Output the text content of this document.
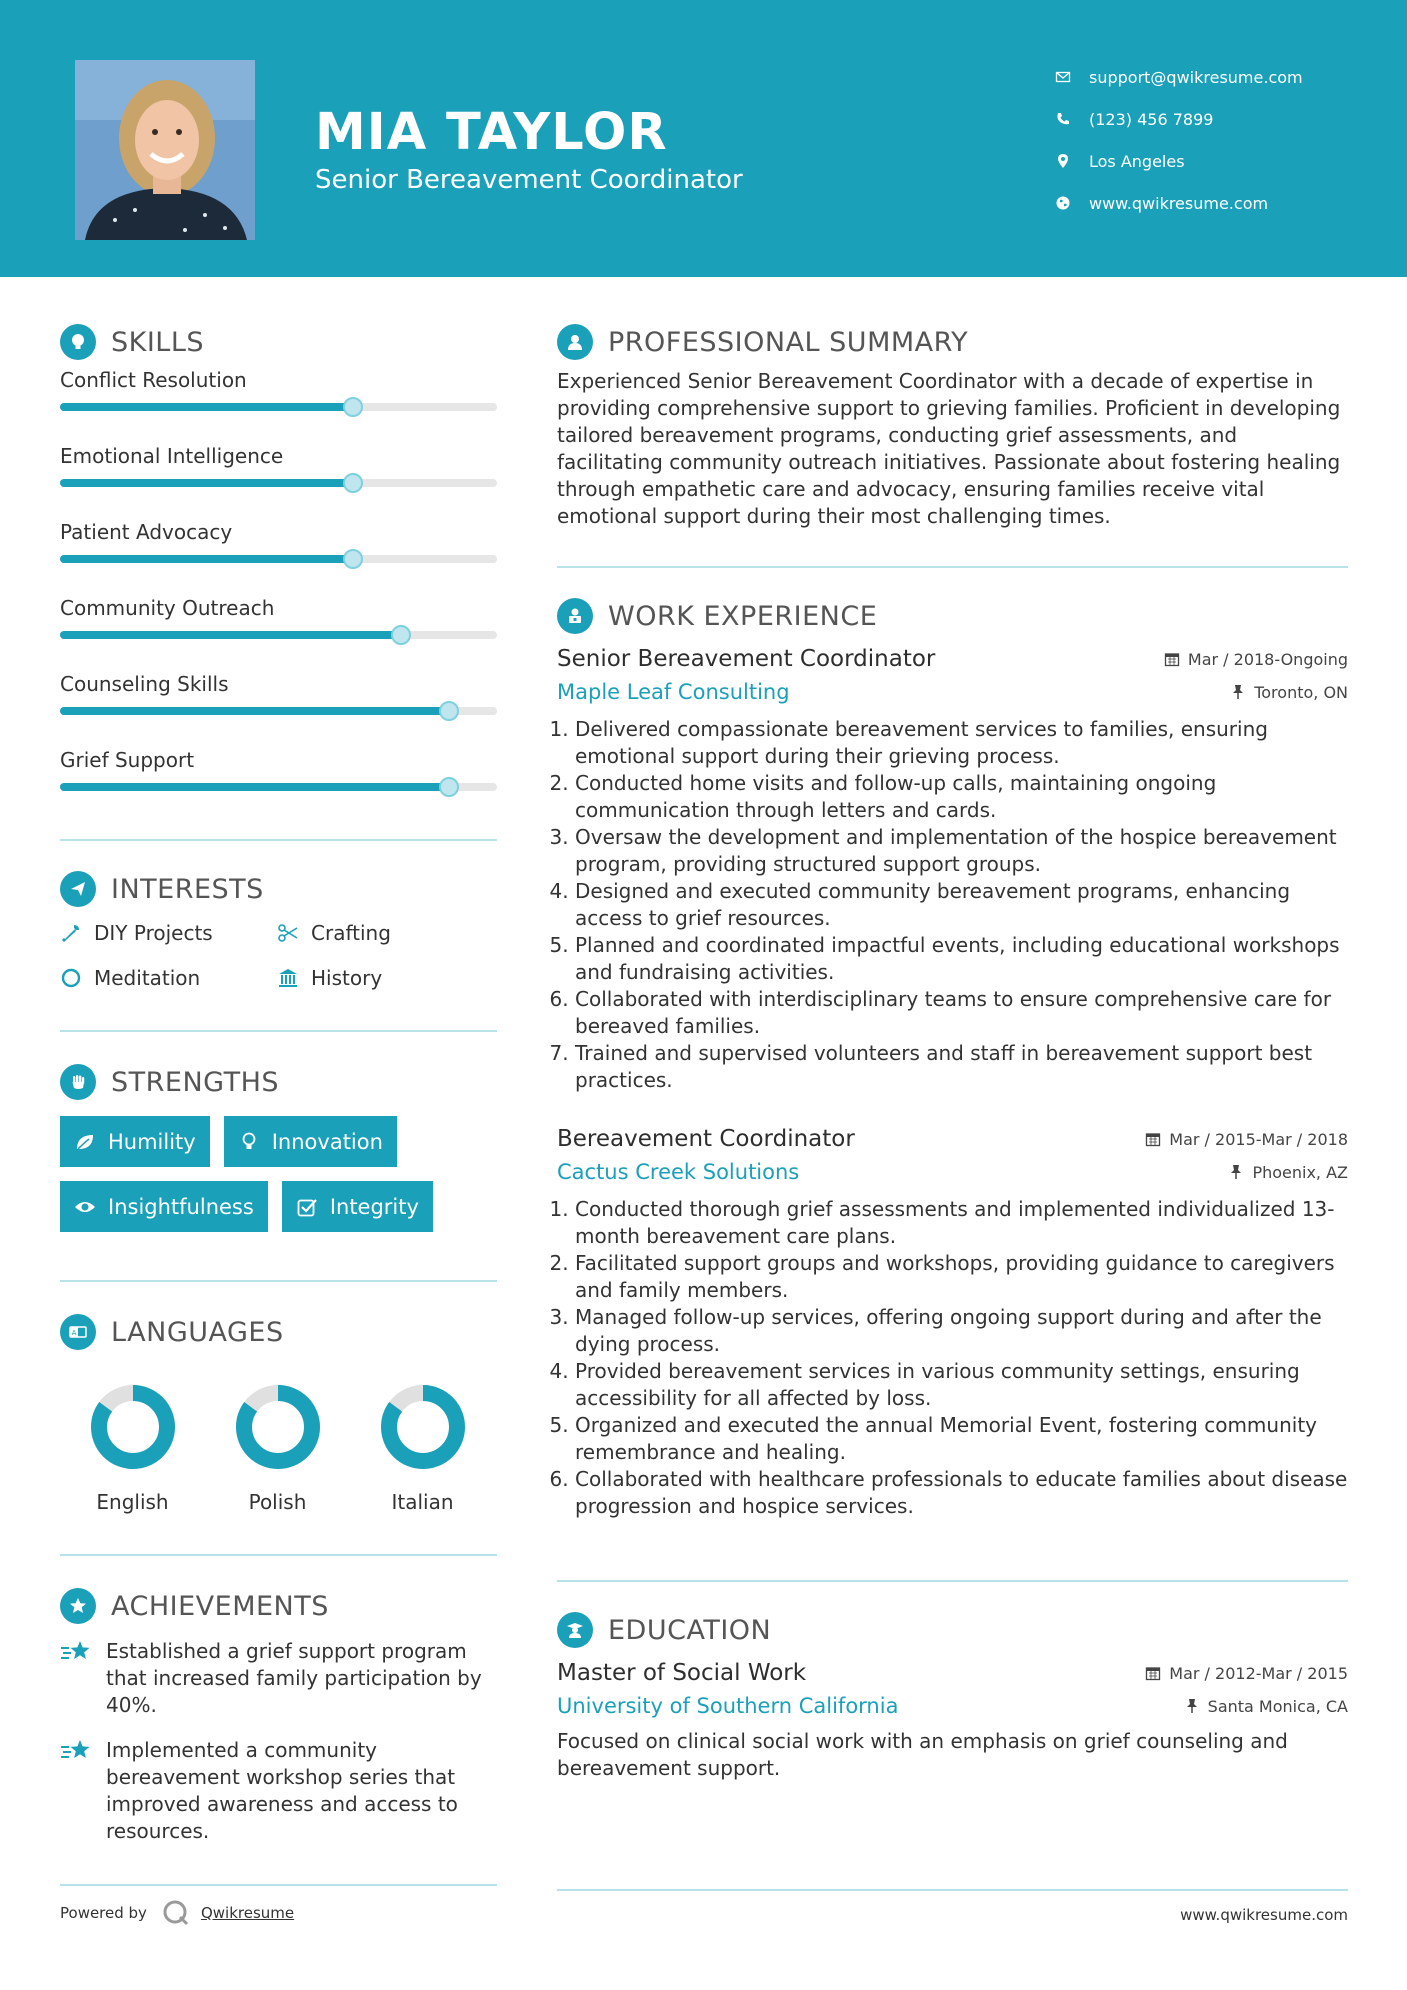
MIA TAYLOR
Senior Bereavement Coordinator
support@qwikresume.com
(123) 456 7899
Los Angeles
www.qwikresume.com
SKILLS
Conflict Resolution
Emotional Intelligence
Patient Advocacy
Community Outreach
Counseling Skills
Grief Support
INTERESTS
DIY Projects	Crafting
Meditation	History
STRENGTHS
Humility	Innovation
Insightfulness	Integrity
A LANGUAGES
English	Polish	Italian
ACHIEVEMENTS
Established a grief support program that increased family participation by 40%.
Implemented a community bereavement workshop series that improved awareness and access to resources.
PROFESSIONAL SUMMARY
Experienced Senior Bereavement Coordinator with a decade of expertise in providing comprehensive support to grieving families. Proficient in developing tailored bereavement programs, conducting grief assessments, and facilitating community outreach initiatives. Passionate about fostering healing through empathetic care and advocacy, ensuring families receive vital emotional support during their most challenging times.
WORK EXPERIENCE
Senior Bereavement Coordinator	Mar / 2018-Ongoing
Maple Leaf Consulting	Toronto, ON
1. Delivered compassionate bereavement services to families, ensuring emotional support during their grieving process.
2. Conducted home visits and follow-up calls, maintaining ongoing communication through letters and cards.
3. Oversaw the development and implementation of the hospice bereavement program, providing structured support groups.
4. Designed and executed community bereavement programs, enhancing access to grief resources.
5. Planned and coordinated impactful events, including educational workshops and fundraising activities.
6. Collaborated with interdisciplinary teams to ensure comprehensive care for bereaved families.
7. Trained and supervised volunteers and staff in bereavement support best practices.
Bereavement Coordinator	Mar / 2015-Mar / 2018
Cactus Creek Solutions	Phoenix, AZ
1. Conducted thorough grief assessments and implemented individualized 13-month bereavement care plans.
2. Facilitated support groups and workshops, providing guidance to caregivers and family members.
3. Managed follow-up services, offering ongoing support during and after the dying process.
4. Provided bereavement services in various community settings, ensuring accessibility for all affected by loss.
5. Organized and executed the annual Memorial Event, fostering community remembrance and healing.
6. Collaborated with healthcare professionals to educate families about disease progression and hospice services.
EDUCATION
Master of Social Work	Mar / 2012-Mar / 2015
University of Southern California	Santa Monica, CA
Focused on clinical social work with an emphasis on grief counseling and bereavement support.
Powered by	Qwikresume	www.qwikresume.com
